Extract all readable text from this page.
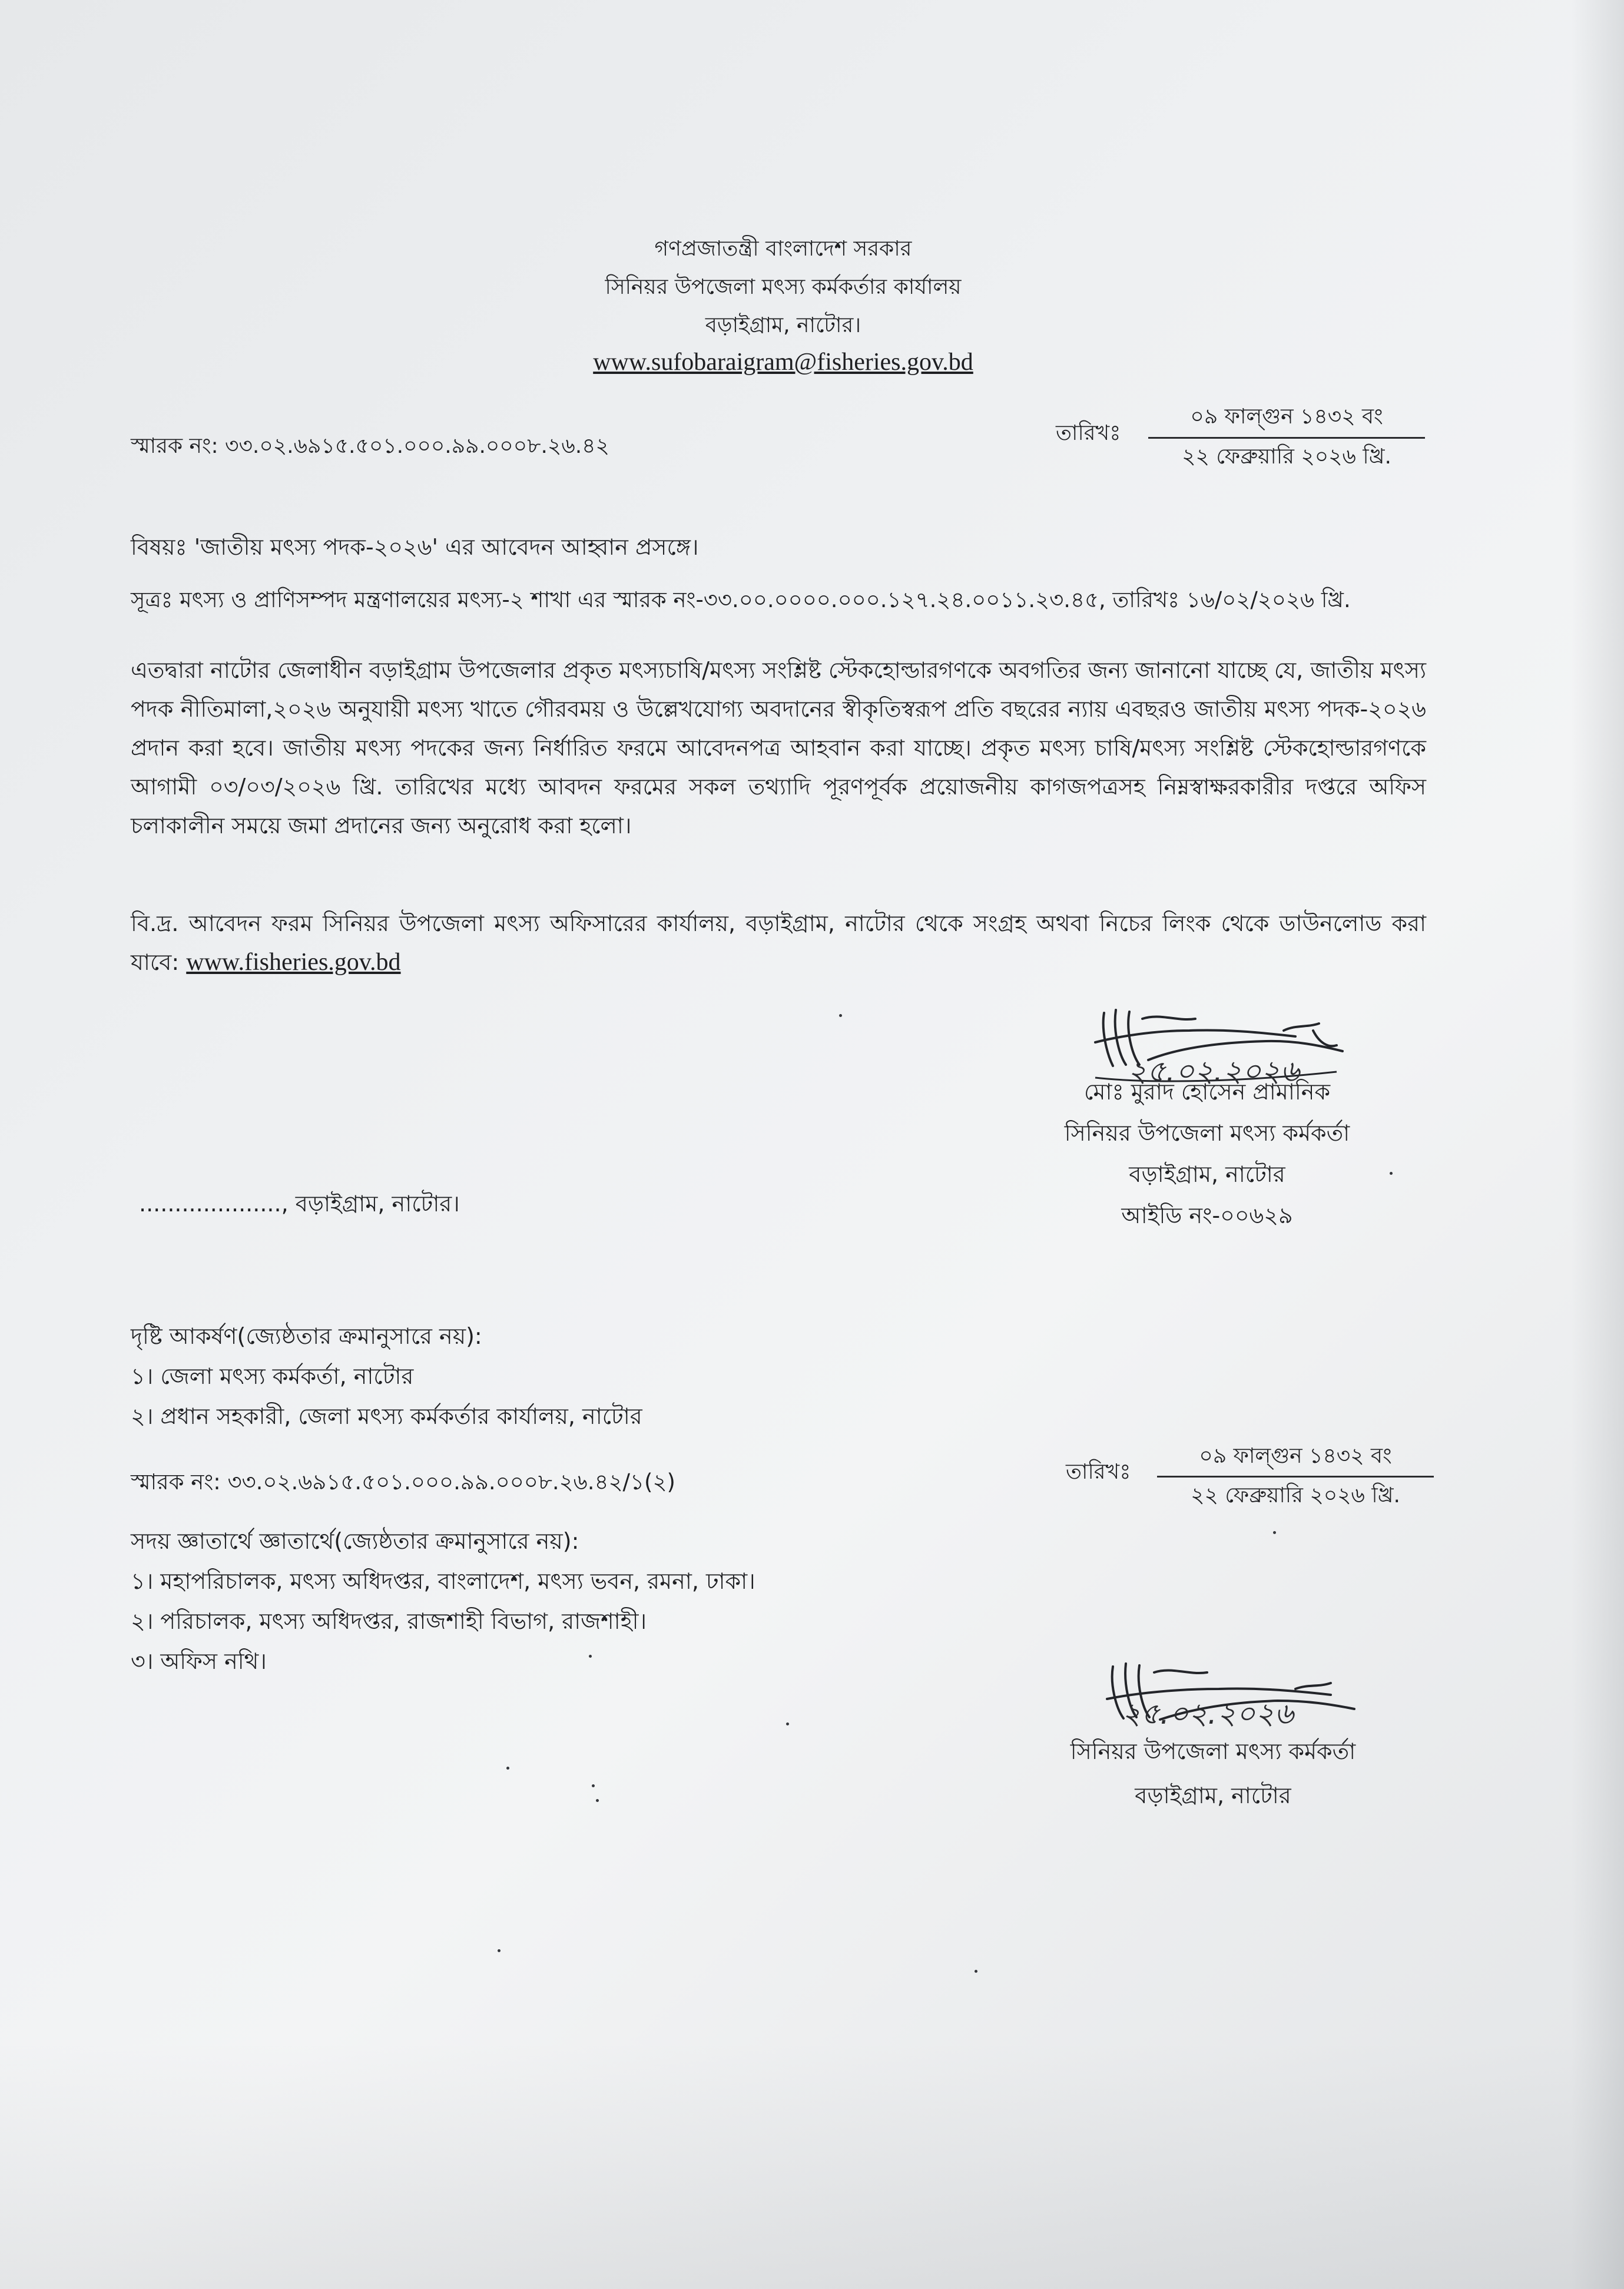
গণপ্রজাতন্ত্রী বাংলাদেশ সরকার
সিনিয়র উপজেলা মৎস্য কর্মকর্তার কার্যালয়
বড়াইগ্রাম, নাটোর।
www.sufobaraigram@fisheries.gov.bd
স্মারক নং: ৩৩.০২.৬৯১৫.৫০১.০০০.৯৯.০০০৮.২৬.৪২
তারিখঃ
০৯ ফাল্গুন ১৪৩২ বং
২২ ফেব্রুয়ারি ২০২৬ খ্রি.
বিষয়ঃ 'জাতীয় মৎস্য পদক-২০২৬' এর আবেদন আহ্বান প্রসঙ্গে।
সূত্রঃ মৎস্য ও প্রাণিসম্পদ মন্ত্রণালয়ের মৎস্য-২ শাখা এর স্মারক নং-৩৩.০০.০০০০.০০০.১২৭.২৪.০০১১.২৩.৪৫, তারিখঃ ১৬/০২/২০২৬ খ্রি.
এতদ্বারা নাটোর জেলাধীন বড়াইগ্রাম উপজেলার প্রকৃত মৎস্যচাষি/মৎস্য সংশ্লিষ্ট স্টেকহোল্ডারগণকে অবগতির জন্য জানানো যাচ্ছে যে, জাতীয় মৎস্য পদক নীতিমালা,২০২৬ অনুযায়ী মৎস্য খাতে গৌরবময় ও উল্লেখযোগ্য অবদানের স্বীকৃতিস্বরূপ প্রতি বছরের ন্যায় এবছরও জাতীয় মৎস্য পদক-২০২৬ প্রদান করা হবে। জাতীয় মৎস্য পদকের জন্য নির্ধারিত ফরমে আবেদনপত্র আহবান করা যাচ্ছে। প্রকৃত মৎস্য চাষি/মৎস্য সংশ্লিষ্ট স্টেকহোল্ডারগণকে আগামী ০৩/০৩/২০২৬ খ্রি. তারিখের মধ্যে আবদন ফরমের সকল তথ্যাদি পূরণপূর্বক প্রয়োজনীয় কাগজপত্রসহ নিম্নস্বাক্ষরকারীর দপ্তরে অফিস চলাকালীন সময়ে জমা প্রদানের জন্য অনুরোধ করা হলো।
বি.দ্র. আবেদন ফরম সিনিয়র উপজেলা মৎস্য অফিসারের কার্যালয়, বড়াইগ্রাম, নাটোর থেকে সংগ্রহ অথবা নিচের লিংক থেকে ডাউনলোড করা যাবে: www.fisheries.gov.bd
২৫.০২.২০২৬
মোঃ মুরাদ হোসেন প্রামানিক
সিনিয়র উপজেলা মৎস্য কর্মকর্তা
বড়াইগ্রাম, নাটোর
আইডি নং-০০৬২৯
...................., বড়াইগ্রাম, নাটোর।
দৃষ্টি আকর্ষণ(জ্যেষ্ঠতার ক্রমানুসারে নয়):
১। জেলা মৎস্য কর্মকর্তা, নাটোর
২। প্রধান সহকারী, জেলা মৎস্য কর্মকর্তার কার্যালয়, নাটোর
স্মারক নং: ৩৩.০২.৬৯১৫.৫০১.০০০.৯৯.০০০৮.২৬.৪২/১(২)	তারিখঃ
০৯ ফাল্গুন ১৪৩২ বং
২২ ফেব্রুয়ারি ২০২৬ খ্রি.
সদয় জ্ঞাতার্থে জ্ঞাতার্থে(জ্যেষ্ঠতার ক্রমানুসারে নয়):
১। মহাপরিচালক, মৎস্য অধিদপ্তর, বাংলাদেশ, মৎস্য ভবন, রমনা, ঢাকা।
২। পরিচালক, মৎস্য অধিদপ্তর, রাজশাহী বিভাগ, রাজশাহী।
৩। অফিস নথি।
২৫.০২.২০২৬
সিনিয়র উপজেলা মৎস্য কর্মকর্তা
বড়াইগ্রাম, নাটোর
